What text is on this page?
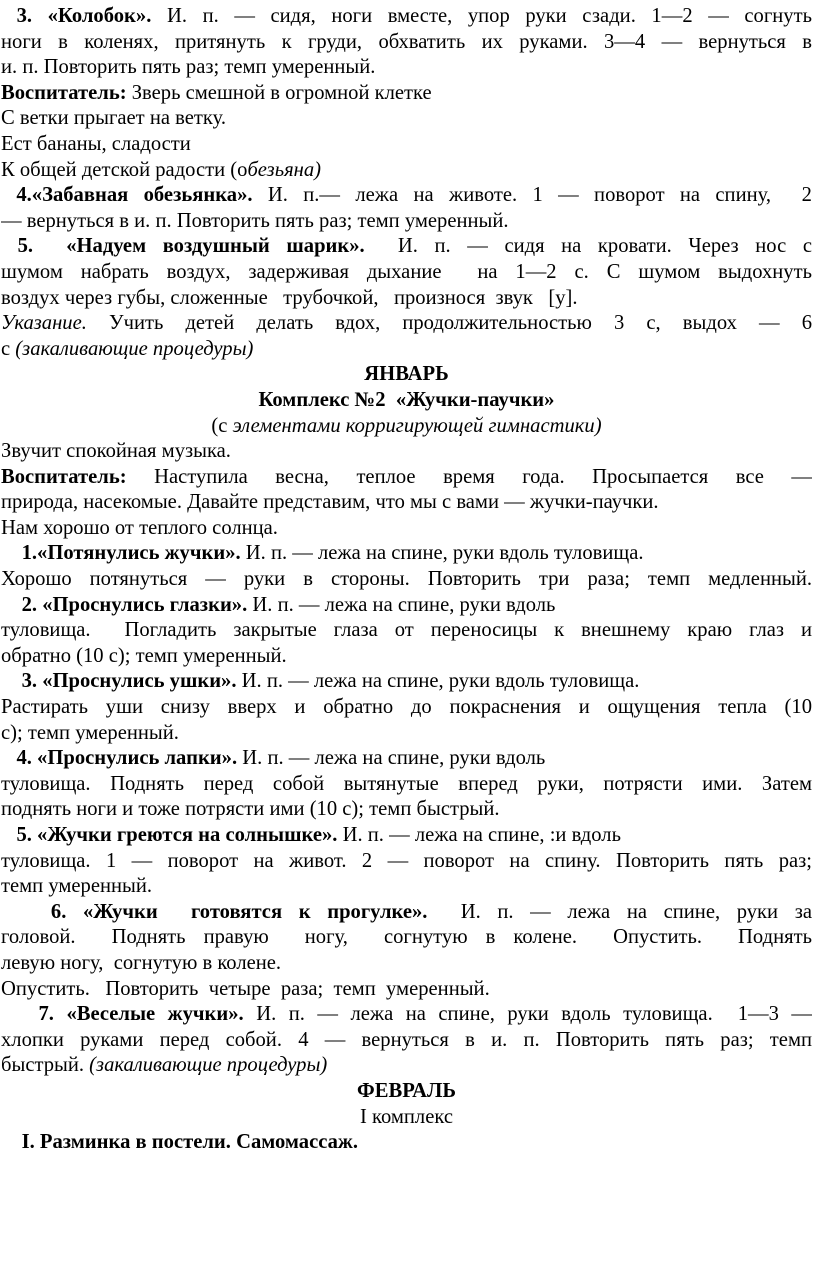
3. «Колобок». И. п. — сидя, ноги вместе, упор руки сзади. 1—2 — согнуть
ноги в коленях, притянуть к груди, обхватить их руками. 3—4 — вернуться в
и. п. Повторить пять раз; темп умеренный.
Воспитатель: Зверь смешной в огромной клетке
С ветки прыгает на ветку.
Ест бананы, сладости
К общей детской радости (обезьяна)
4.«Забавная обезьянка». И. п.— лежа на животе. 1 — поворот на спину,  2
— вернуться в и. п. Повторить пять раз; темп умеренный.
5.  «Надуем воздушный шарик».  И. п. — сидя на кровати. Через нос с
шумом набрать воздух, задерживая дыхание  на 1—2 с. С шумом выдохнуть
воздух через губы, сложенные   трубочкой,   произнося  звук   [у].
Указание. Учить детей делать вдох, продолжительностью 3 с, выдох — 6
с (закаливающие процедуры)
ЯНВАРЬ
Комплекс №2  «Жучки-паучки»
(с элементами корригирующей гимнастики)
Звучит спокойная музыка.
Воспитатель: Наступила весна, теплое время года. Просыпается все —
природа, насекомые. Давайте представим, что мы с вами — жучки-паучки.
Нам хорошо от теплого солнца.
1.«Потянулись жучки». И. п. — лежа на спине, руки вдоль туловища.
Хорошо потянуться — руки в стороны. Повторить три раза; темп медленный.
2. «Проснулись глазки». И. п. — лежа на спине, руки вдоль
туловища.  Погладить закрытые глаза от переносицы к внешнему краю глаз и
обратно (10 с); темп умеренный.
3. «Проснулись ушки». И. п. — лежа на спине, руки вдоль туловища.
Растирать уши снизу вверх и обратно до покраснения и ощущения тепла (10
с); темп умеренный.
4. «Проснулись лапки». И. п. — лежа на спине, руки вдоль
туловища. Поднять перед собой вытянутые вперед руки, потрясти ими. Затем
поднять ноги и тоже потрясти ими (10 с); темп быстрый.
5. «Жучки греются на солнышке». И. п. — лежа на спине, :и вдоль
туловища. 1 — поворот на живот. 2 — поворот на спину. Повторить пять раз;
темп умеренный.
6. «Жучки  готовятся к прогулке».  И. п. — лежа на спине, руки за
головой.  Поднять правую  ногу,  согнутую в колене.  Опустить.  Поднять
левую ногу,  согнутую в колене.
Опустить.   Повторить  четыре  раза;  темп  умеренный.
7. «Веселые жучки». И. п. — лежа на спине, руки вдоль туловища.  1—3 —
хлопки руками перед собой. 4 — вернуться в и. п. Повторить пять раз; темп
быстрый. (закаливающие процедуры)
ФЕВРАЛЬ
I комплекс
I. Разминка в постели. Самомассаж.
